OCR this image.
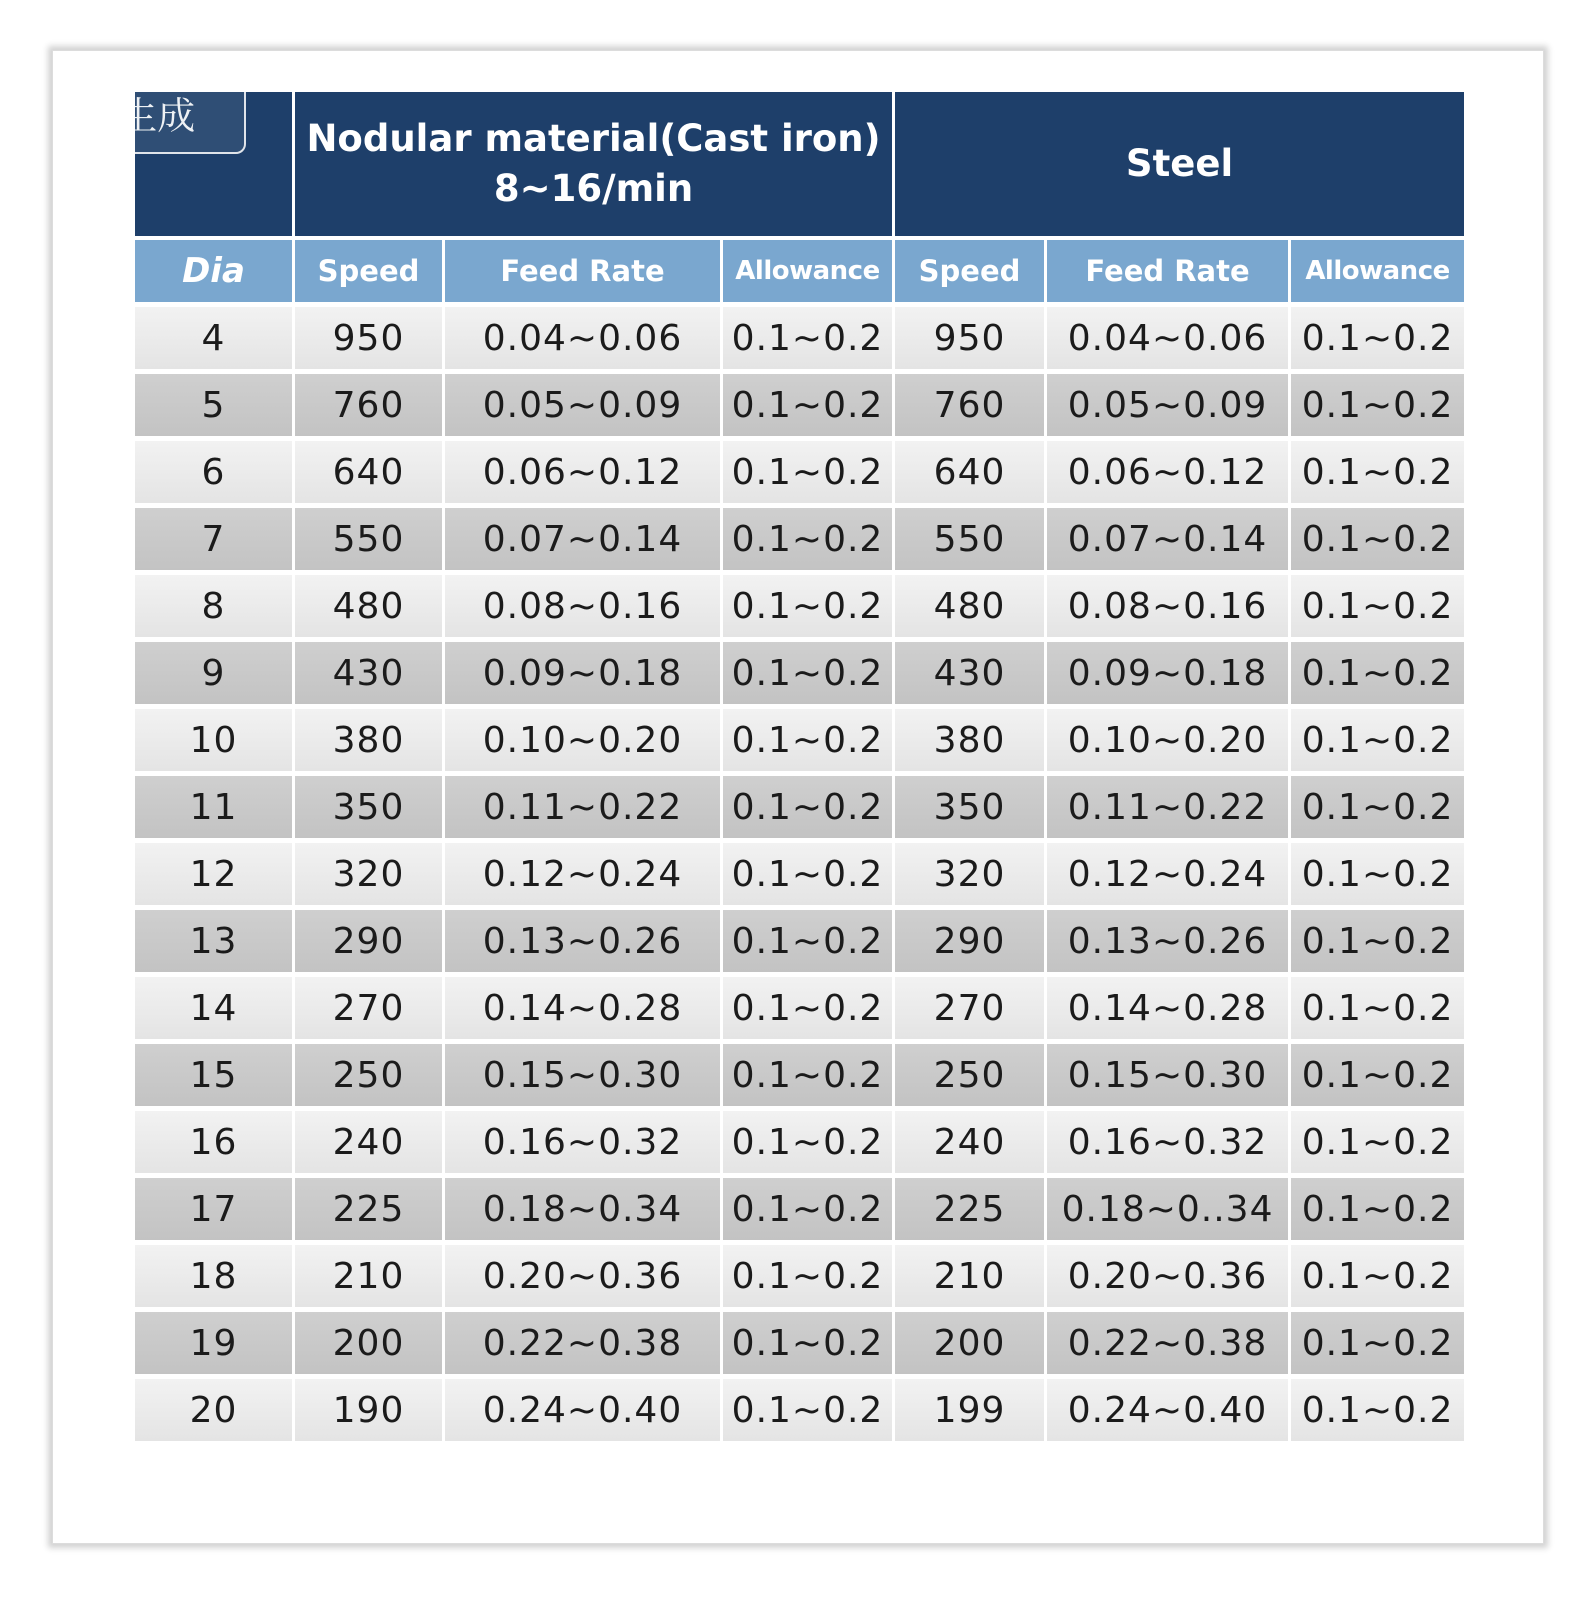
AI生成

	Nodular material(Cast iron)
8~16/min			Steel		

Dia	Speed	Feed Rate	Allowance	Speed	Feed Rate	Allowance
4	950	0.04~0.06	0.1~0.2	950	0.04~0.06	0.1~0.2
5	760	0.05~0.09	0.1~0.2	760	0.05~0.09	0.1~0.2
6	640	0.06~0.12	0.1~0.2	640	0.06~0.12	0.1~0.2
7	550	0.07~0.14	0.1~0.2	550	0.07~0.14	0.1~0.2
8	480	0.08~0.16	0.1~0.2	480	0.08~0.16	0.1~0.2
9	430	0.09~0.18	0.1~0.2	430	0.09~0.18	0.1~0.2
10	380	0.10~0.20	0.1~0.2	380	0.10~0.20	0.1~0.2
11	350	0.11~0.22	0.1~0.2	350	0.11~0.22	0.1~0.2
12	320	0.12~0.24	0.1~0.2	320	0.12~0.24	0.1~0.2
13	290	0.13~0.26	0.1~0.2	290	0.13~0.26	0.1~0.2
14	270	0.14~0.28	0.1~0.2	270	0.14~0.28	0.1~0.2
15	250	0.15~0.30	0.1~0.2	250	0.15~0.30	0.1~0.2
16	240	0.16~0.32	0.1~0.2	240	0.16~0.32	0.1~0.2
17	225	0.18~0.34	0.1~0.2	225	0.18~0..34	0.1~0.2
18	210	0.20~0.36	0.1~0.2	210	0.20~0.36	0.1~0.2
19	200	0.22~0.38	0.1~0.2	200	0.22~0.38	0.1~0.2
20	190	0.24~0.40	0.1~0.2	199	0.24~0.40	0.1~0.2
